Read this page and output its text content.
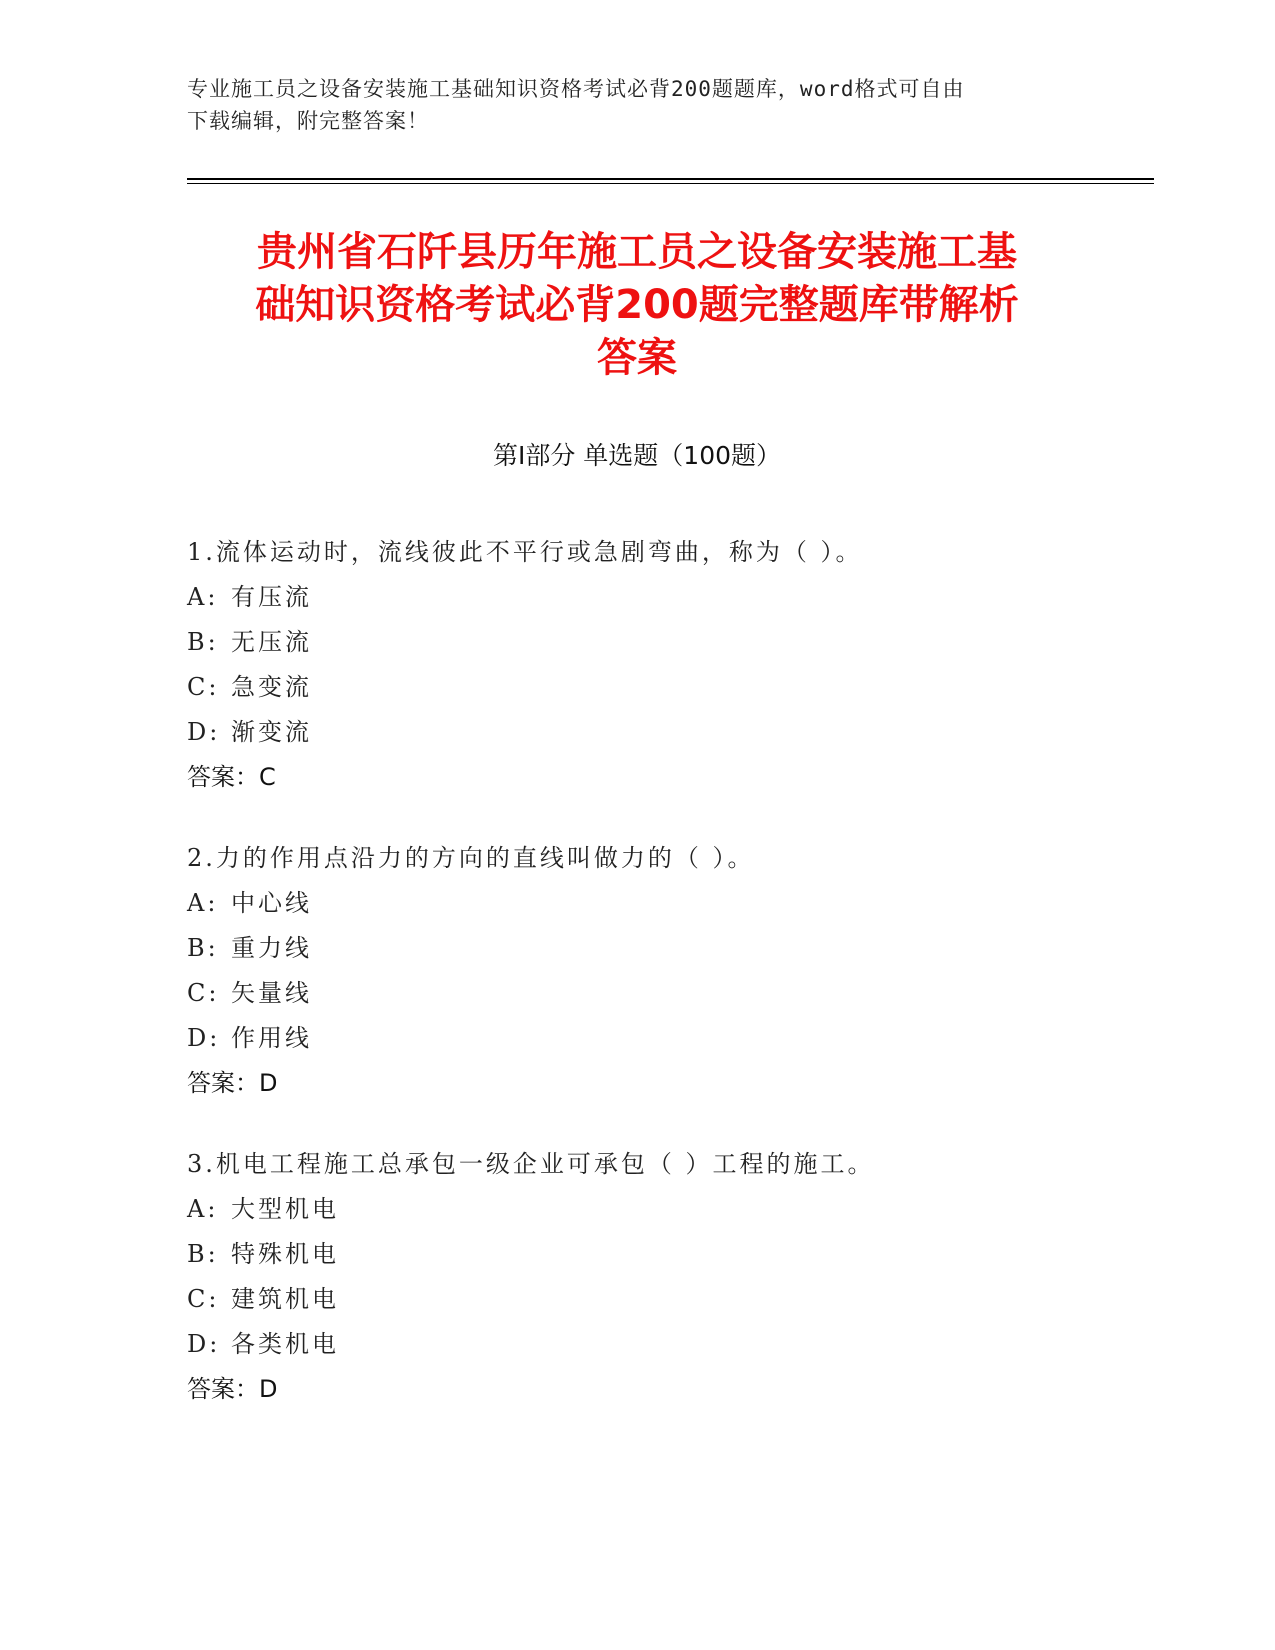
专业施工员之设备安装施工基础知识资格考试必背200题题库，word格式可自由
下载编辑，附完整答案！
贵州省石阡县历年施工员之设备安装施工基
础知识资格考试必背200题完整题库带解析
答案
第Ⅰ部分 单选题（100题）
1.流体运动时，流线彼此不平行或急剧弯曲，称为（ ）。
A: 有压流
B: 无压流
C: 急变流
D: 渐变流
答案：C
2.力的作用点沿力的方向的直线叫做力的（ ）。
A: 中心线
B: 重力线
C: 矢量线
D: 作用线
答案：D
3.机电工程施工总承包一级企业可承包（ ）工程的施工。
A: 大型机电
B: 特殊机电
C: 建筑机电
D: 各类机电
答案：D
